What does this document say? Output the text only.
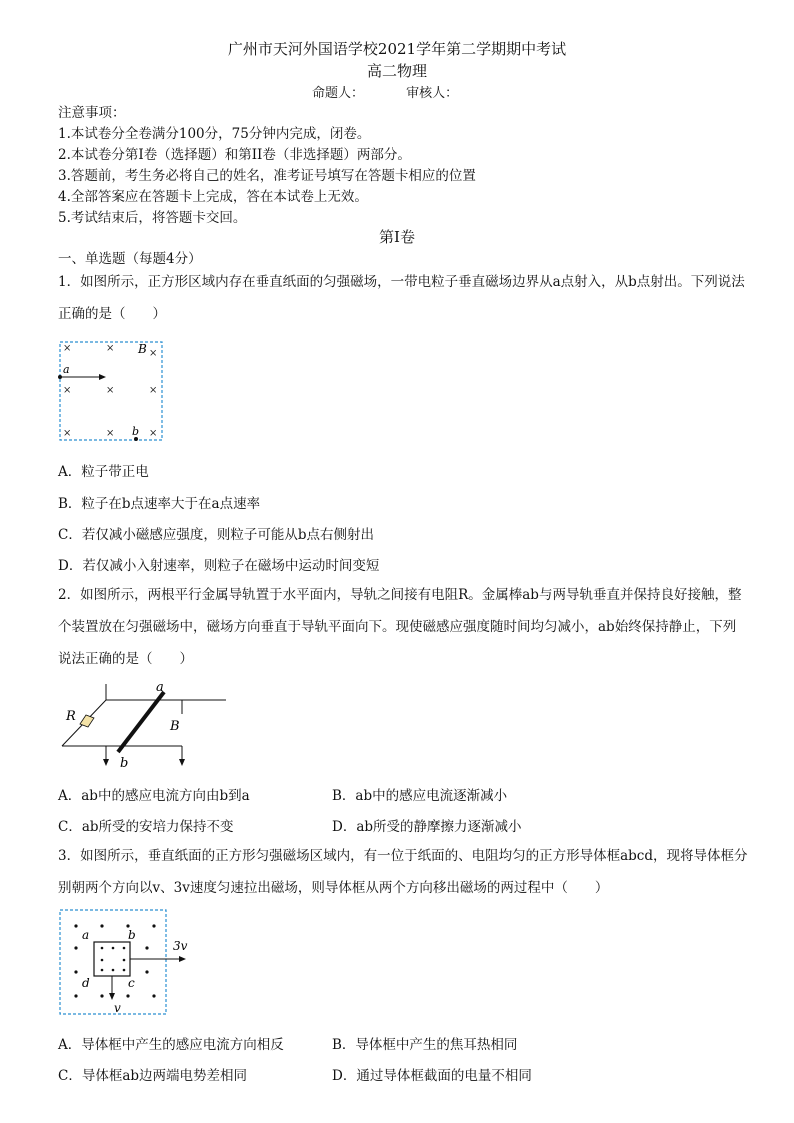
广州市天河外国语学校2021学年第二学期期中考试
高二物理
命题人：	审核人：
注意事项：
1.本试卷分全卷满分100分，75分钟内完成，闭卷。
2.本试卷分第I卷（选择题）和第II卷（非选择题）两部分。
3.答题前，考生务必将自己的姓名，准考证号填写在答题卡相应的位置
4.全部答案应在答题卡上完成，答在本试卷上无效。
5.考试结束后，将答题卡交回。
第I卷
一、单选题（每题4分）
1．如图所示，正方形区域内存在垂直纸面的匀强磁场，一带电粒子垂直磁场边界从a点射入，从b点射出。下列说法正确的是（　　）
×	×	×
×	×	×
×	×	×
B
a
b
A．粒子带正电
B．粒子在b点速率大于在a点速率
C．若仅减小磁感应强度，则粒子可能从b点右侧射出
D．若仅减小入射速率，则粒子在磁场中运动时间变短
2．如图所示，两根平行金属导轨置于水平面内，导轨之间接有电阻R。金属棒ab与两导轨垂直并保持良好接触，整个装置放在匀强磁场中，磁场方向垂直于导轨平面向下。现使磁感应强度随时间均匀减小，ab始终保持静止，下列说法正确的是（　　）
R
a
b
B
A．ab中的感应电流方向由b到a	B．ab中的感应电流逐渐减小
C．ab所受的安培力保持不变	D．ab所受的静摩擦力逐渐减小
3．如图所示，垂直纸面的正方形匀强磁场区域内，有一位于纸面的、电阻均匀的正方形导体框abcd，现将导体框分别朝两个方向以v、3v速度匀速拉出磁场，则导体框从两个方向移出磁场的两过程中（　　）
a	b
c
d
3v
v
A．导体框中产生的感应电流方向相反	B．导体框中产生的焦耳热相同
C．导体框ab边两端电势差相同	D．通过导体框截面的电量不相同
